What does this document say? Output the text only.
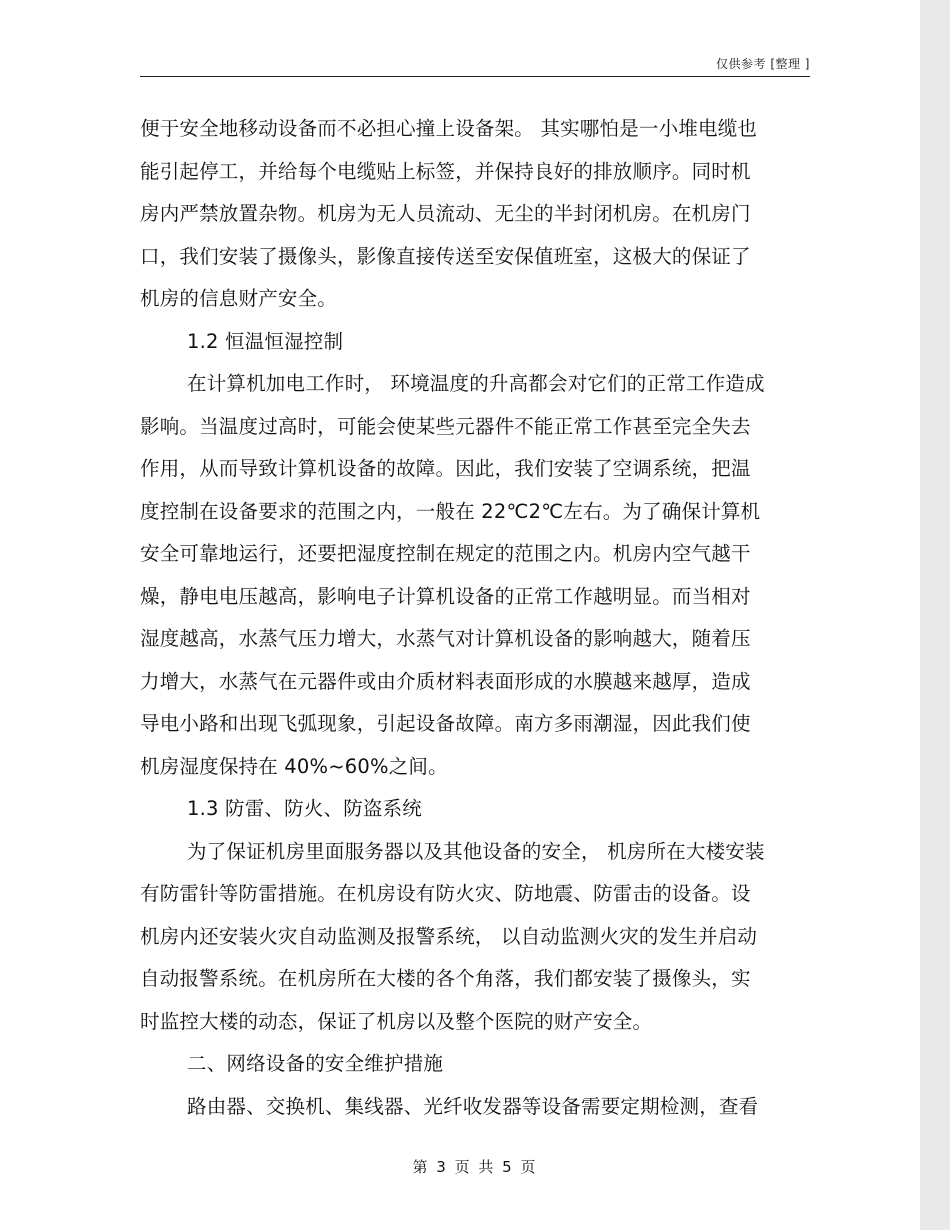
仅供参考 [整理 ]
便于安全地移动设备而不必担心撞上设备架。 其实哪怕是一小堆电缆也
能引起停工，并给每个电缆贴上标签，并保持良好的排放顺序。同时机
房内严禁放置杂物。机房为无人员流动、无尘的半封闭机房。在机房门
口，我们安装了摄像头，影像直接传送至安保值班室，这极大的保证了
机房的信息财产安全。
1.2 恒温恒湿控制
在计算机加电工作时， 环境温度的升高都会对它们的正常工作造成
影响。当温度过高时，可能会使某些元器件不能正常工作甚至完全失去
作用，从而导致计算机设备的故障。因此，我们安装了空调系统，把温
度控制在设备要求的范围之内，一般在 22℃2℃左右。为了确保计算机
安全可靠地运行，还要把湿度控制在规定的范围之内。机房内空气越干
燥，静电电压越高，影响电子计算机设备的正常工作越明显。而当相对
湿度越高，水蒸气压力增大，水蒸气对计算机设备的影响越大，随着压
力增大，水蒸气在元器件或由介质材料表面形成的水膜越来越厚，造成
导电小路和出现飞弧现象，引起设备故障。南方多雨潮湿，因此我们使
机房湿度保持在 40%~60%之间。
1.3 防雷、防火、防盗系统
为了保证机房里面服务器以及其他设备的安全， 机房所在大楼安装
有防雷针等防雷措施。在机房设有防火灾、防地震、防雷击的设备。设
机房内还安装火灾自动监测及报警系统， 以自动监测火灾的发生并启动
自动报警系统。在机房所在大楼的各个角落，我们都安装了摄像头，实
时监控大楼的动态，保证了机房以及整个医院的财产安全。
二、网络设备的安全维护措施
路由器、交换机、集线器、光纤收发器等设备需要定期检测，查看
第 3 页 共 5 页
